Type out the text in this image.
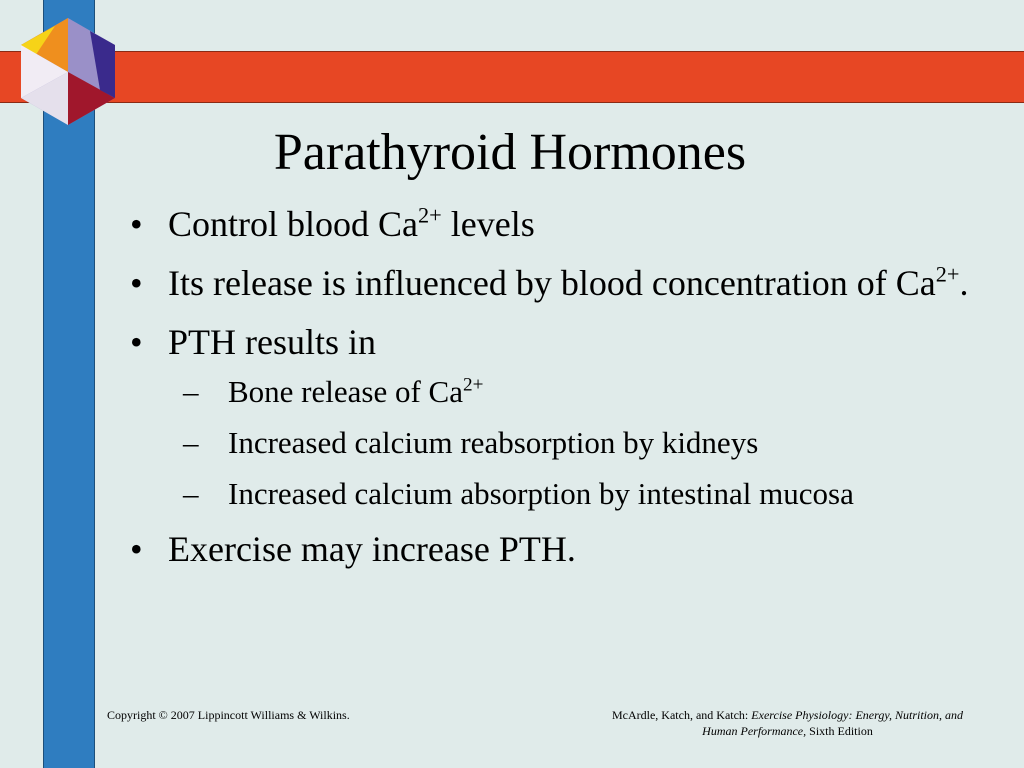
Parathyroid Hormones
• Control blood $Ca^{2+}$ levels
• Its release is influenced by blood concentration of $Ca^{2+}$.
• PTH results in
– Bone release of $Ca^{2+}$
– Increased calcium reabsorption by kidneys
– Increased calcium absorption by intestinal mucosa
• Exercise may increase PTH.
Copyright © 2007 Lippincott Williams & Wilkins.	McArdle, Katch, and Katch: Exercise Physiology: Energy, Nutrition, and Human Performance, Sixth Edition
